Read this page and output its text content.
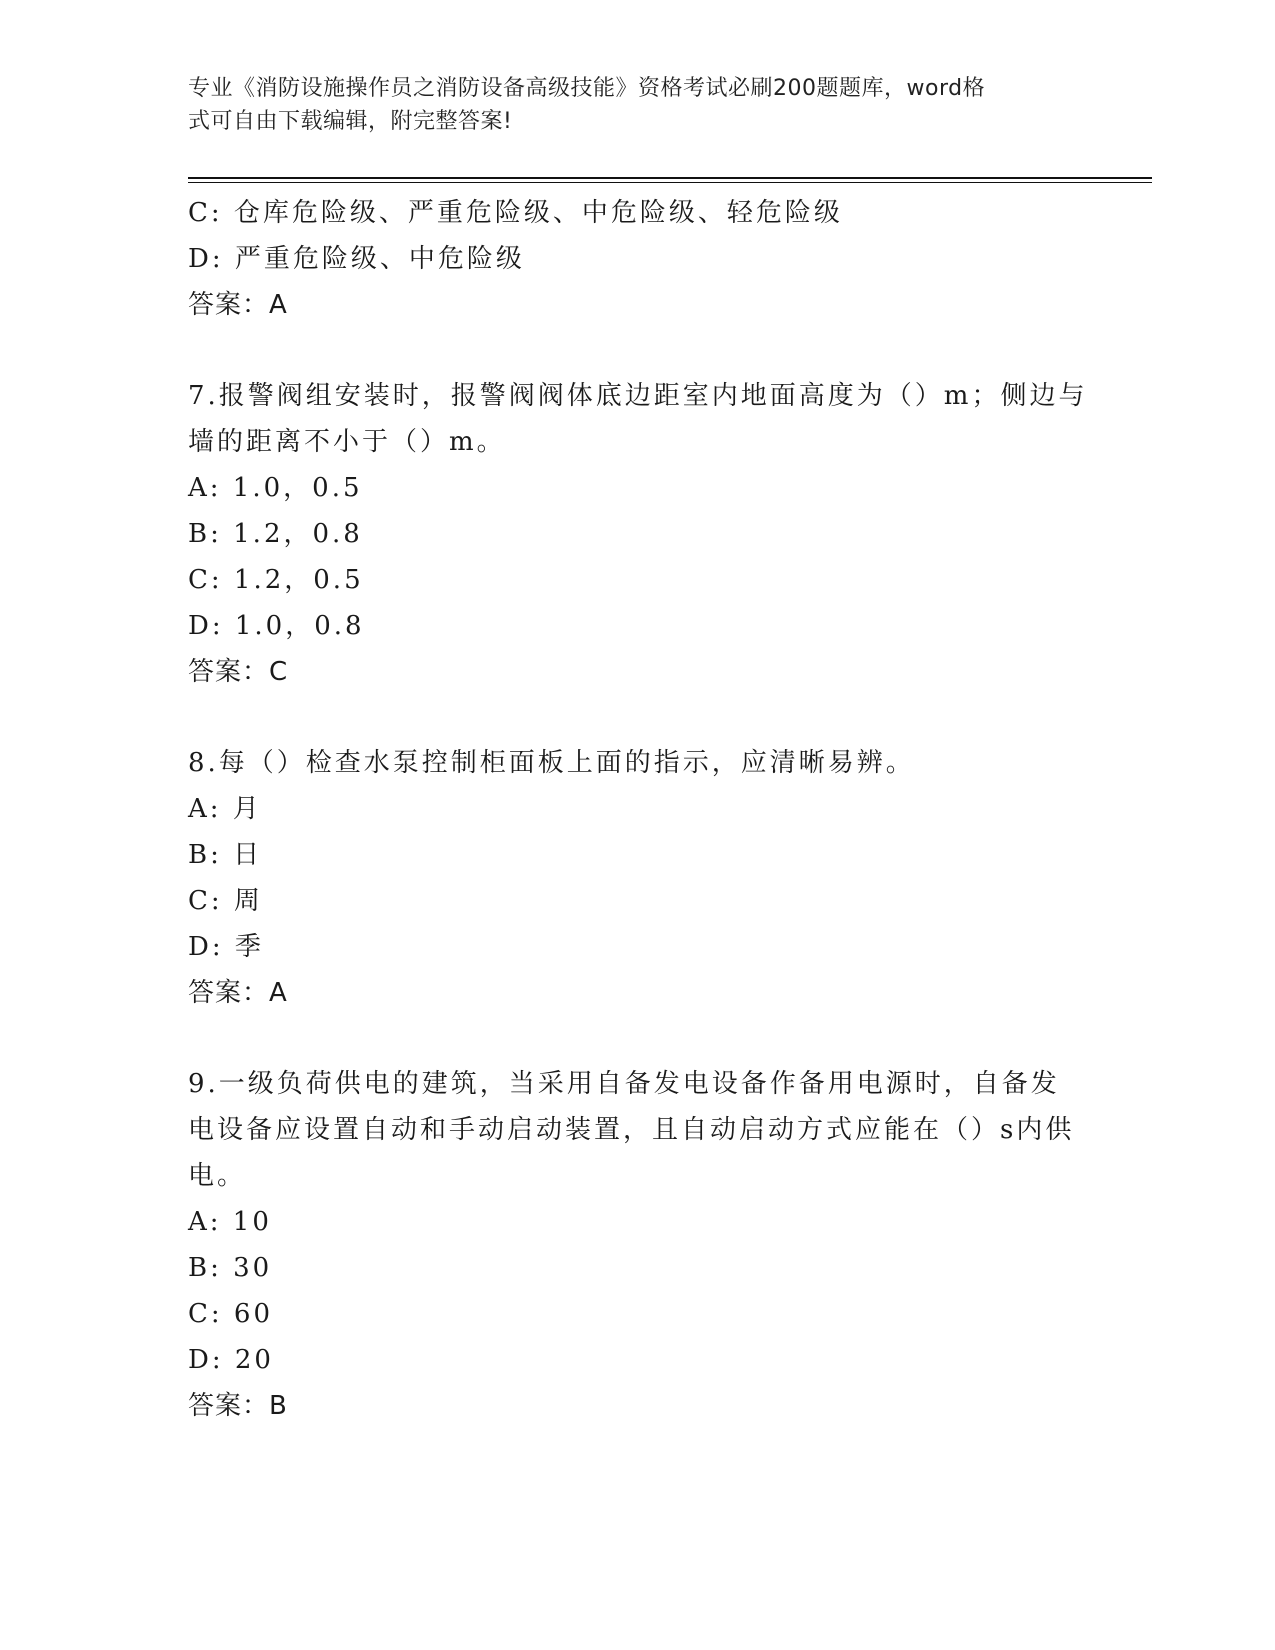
专业《消防设施操作员之消防设备高级技能》资格考试必刷200题题库，word格
式可自由下载编辑，附完整答案!
C: 仓库危险级、严重危险级、中危险级、轻危险级
D: 严重危险级、中危险级
答案：A
7.报警阀组安装时，报警阀阀体底边距室内地面高度为（）m；侧边与
墙的距离不小于（）m。
A: 1.0，0.5
B: 1.2，0.8
C: 1.2，0.5
D: 1.0，0.8
答案：C
8.每（）检查水泵控制柜面板上面的指示，应清晰易辨。
A: 月
B: 日
C: 周
D: 季
答案：A
9.一级负荷供电的建筑，当采用自备发电设备作备用电源时，自备发
电设备应设置自动和手动启动装置，且自动启动方式应能在（）s内供
电。
A: 10
B: 30
C: 60
D: 20
答案：B
